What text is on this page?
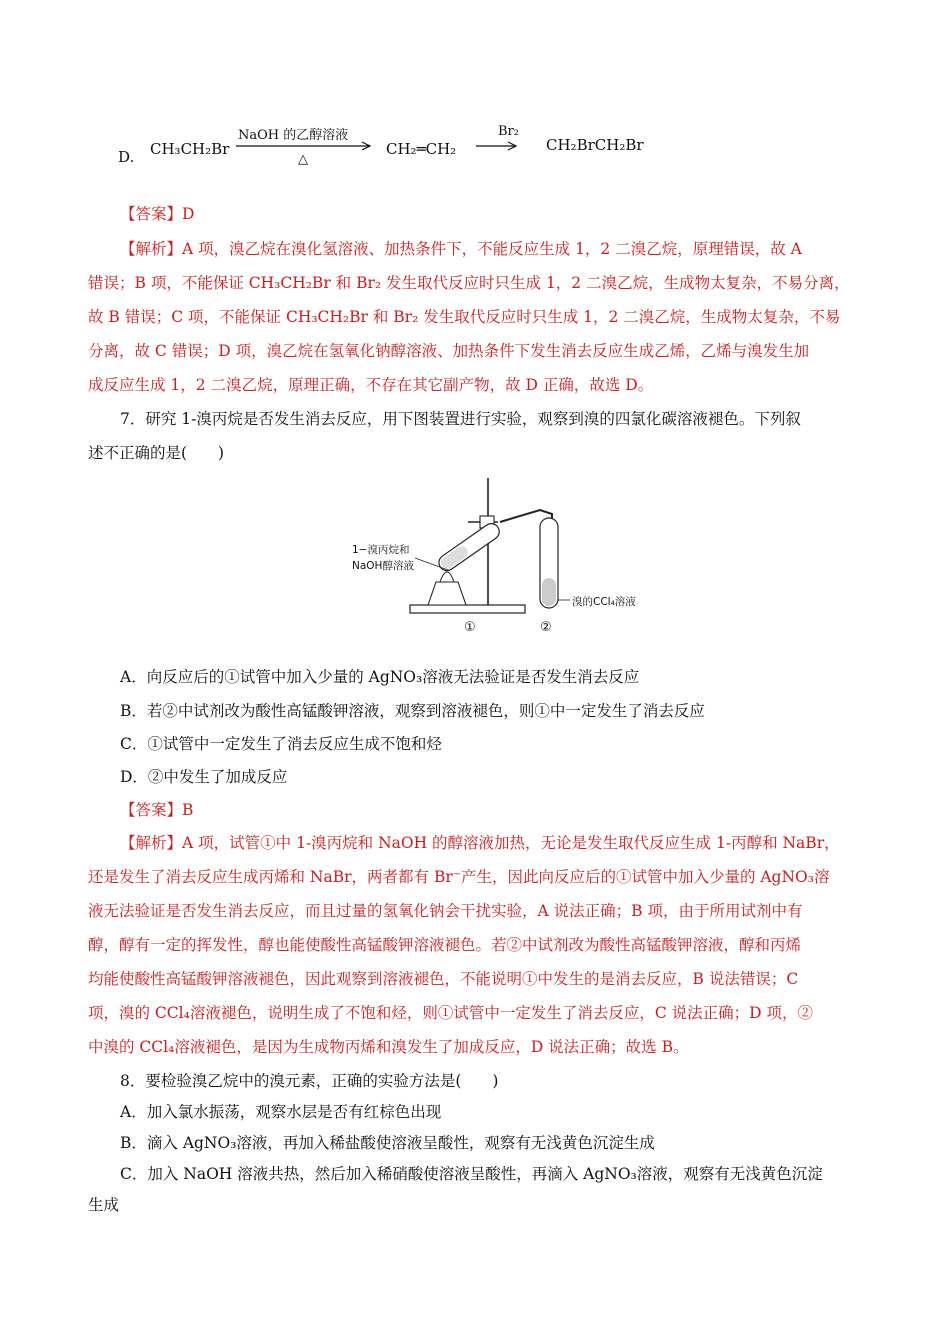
D. CH₃CH₂Br
NaOH 的乙醇溶液
△
CH₂═CH₂
Br₂
CH₂BrCH₂Br
【答案】D
【解析】A 项，溴乙烷在溴化氢溶液、加热条件下，不能反应生成 1，2 二溴乙烷，原理错误，故 A
错误；B 项，不能保证 CH₃CH₂Br 和 Br₂ 发生取代反应时只生成 1，2 二溴乙烷，生成物太复杂，不易分离，
故 B 错误；C 项，不能保证 CH₃CH₂Br 和 Br₂ 发生取代反应时只生成 1，2 二溴乙烷，生成物太复杂，不易
分离，故 C 错误；D 项，溴乙烷在氢氧化钠醇溶液、加热条件下发生消去反应生成乙烯，乙烯与溴发生加
成反应生成 1，2 二溴乙烷，原理正确，不存在其它副产物，故 D 正确，故选 D。
7．研究 1-溴丙烷是否发生消去反应，用下图装置进行实验，观察到溴的四氯化碳溶液褪色。下列叙
述不正确的是(　　)
1−溴丙烷和
NaOH醇溶液
溴的CCl₄溶液
①	②
A．向反应后的①试管中加入少量的 AgNO₃溶液无法验证是否发生消去反应
B．若②中试剂改为酸性高锰酸钾溶液，观察到溶液褪色，则①中一定发生了消去反应
C．①试管中一定发生了消去反应生成不饱和烃
D．②中发生了加成反应
【答案】B
【解析】A 项，试管①中 1-溴丙烷和 NaOH 的醇溶液加热，无论是发生取代反应生成 1-丙醇和 NaBr，
还是发生了消去反应生成丙烯和 NaBr，两者都有 Br⁻产生，因此向反应后的①试管中加入少量的 AgNO₃溶
液无法验证是否发生消去反应，而且过量的氢氧化钠会干扰实验，A 说法正确；B 项，由于所用试剂中有
醇，醇有一定的挥发性，醇也能使酸性高锰酸钾溶液褪色。若②中试剂改为酸性高锰酸钾溶液，醇和丙烯
均能使酸性高锰酸钾溶液褪色，因此观察到溶液褪色，不能说明①中发生的是消去反应，B 说法错误；C
项，溴的 CCl₄溶液褪色，说明生成了不饱和烃，则①试管中一定发生了消去反应，C 说法正确；D 项，②
中溴的 CCl₄溶液褪色，是因为生成物丙烯和溴发生了加成反应，D 说法正确；故选 B。
8．要检验溴乙烷中的溴元素，正确的实验方法是(　　)
A．加入氯水振荡，观察水层是否有红棕色出现
B．滴入 AgNO₃溶液，再加入稀盐酸使溶液呈酸性，观察有无浅黄色沉淀生成
C．加入 NaOH 溶液共热，然后加入稀硝酸使溶液呈酸性，再滴入 AgNO₃溶液，观察有无浅黄色沉淀
生成
